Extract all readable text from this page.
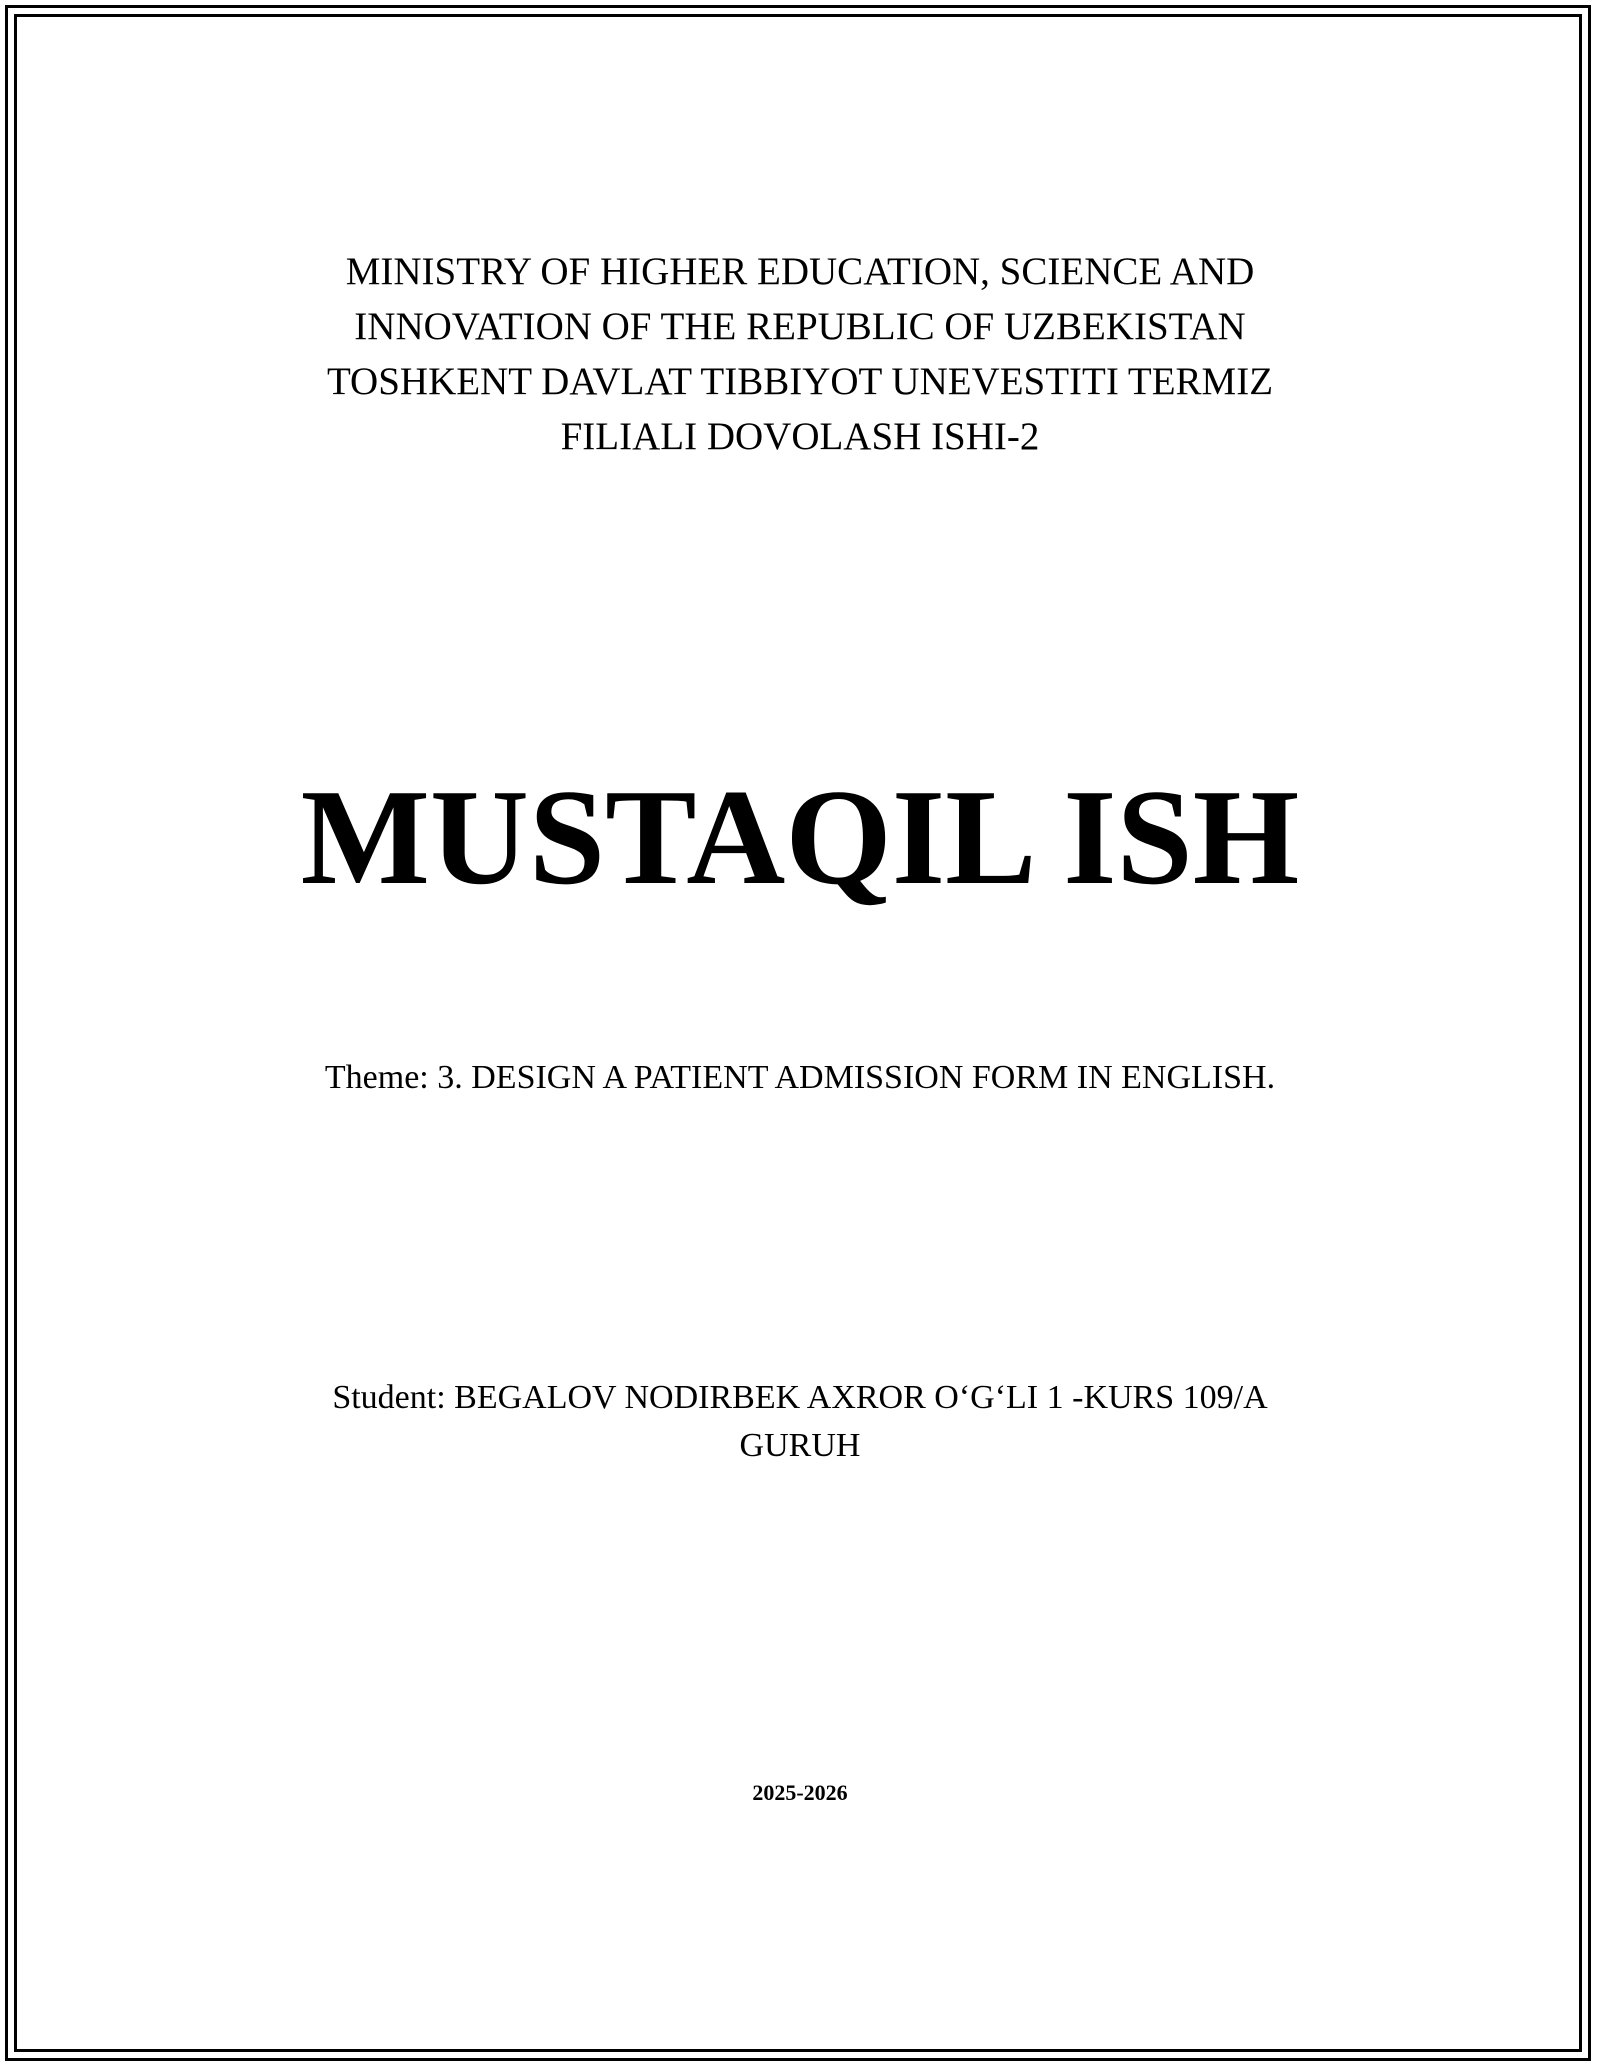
MINISTRY OF HIGHER EDUCATION, SCIENCE AND
INNOVATION OF THE REPUBLIC OF UZBEKISTAN
TOSHKENT DAVLAT TIBBIYOT UNEVESTITI TERMIZ
FILIALI DOVOLASH ISHI-2
MUSTAQIL ISH
Theme: 3. DESIGN A PATIENT ADMISSION FORM IN ENGLISH.
Student: BEGALOV NODIRBEK AXROR O‘G‘LI 1 -KURS 109/A
GURUH
2025-2026
